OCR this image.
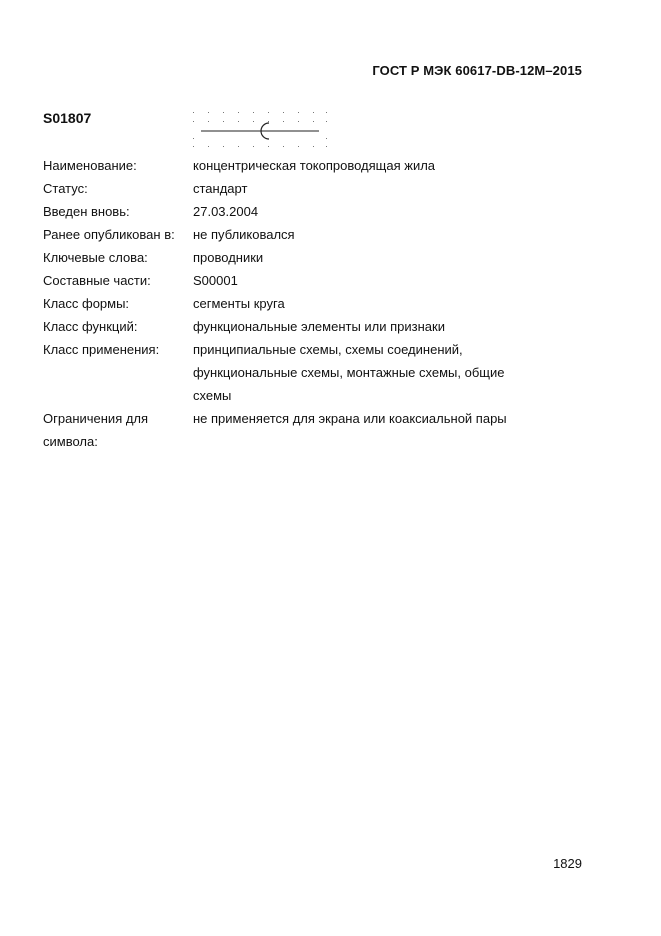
ГОСТ Р МЭК 60617-DB-12М–2015
S01807
Наименование:	концентрическая токопроводящая жила
Статус:	стандарт
Введен вновь:	27.03.2004
Ранее опубликован в:	не публиковался
Ключевые слова:	проводники
Составные части:	S00001
Класс формы:	сегменты круга
Класс функций:	функциональные элементы или признаки
Класс применения:	принципиальные схемы, схемы соединений, функциональные схемы, монтажные схемы, общие схемы
Ограничения для символа:
не применяется для экрана или коаксиальной пары
1829
